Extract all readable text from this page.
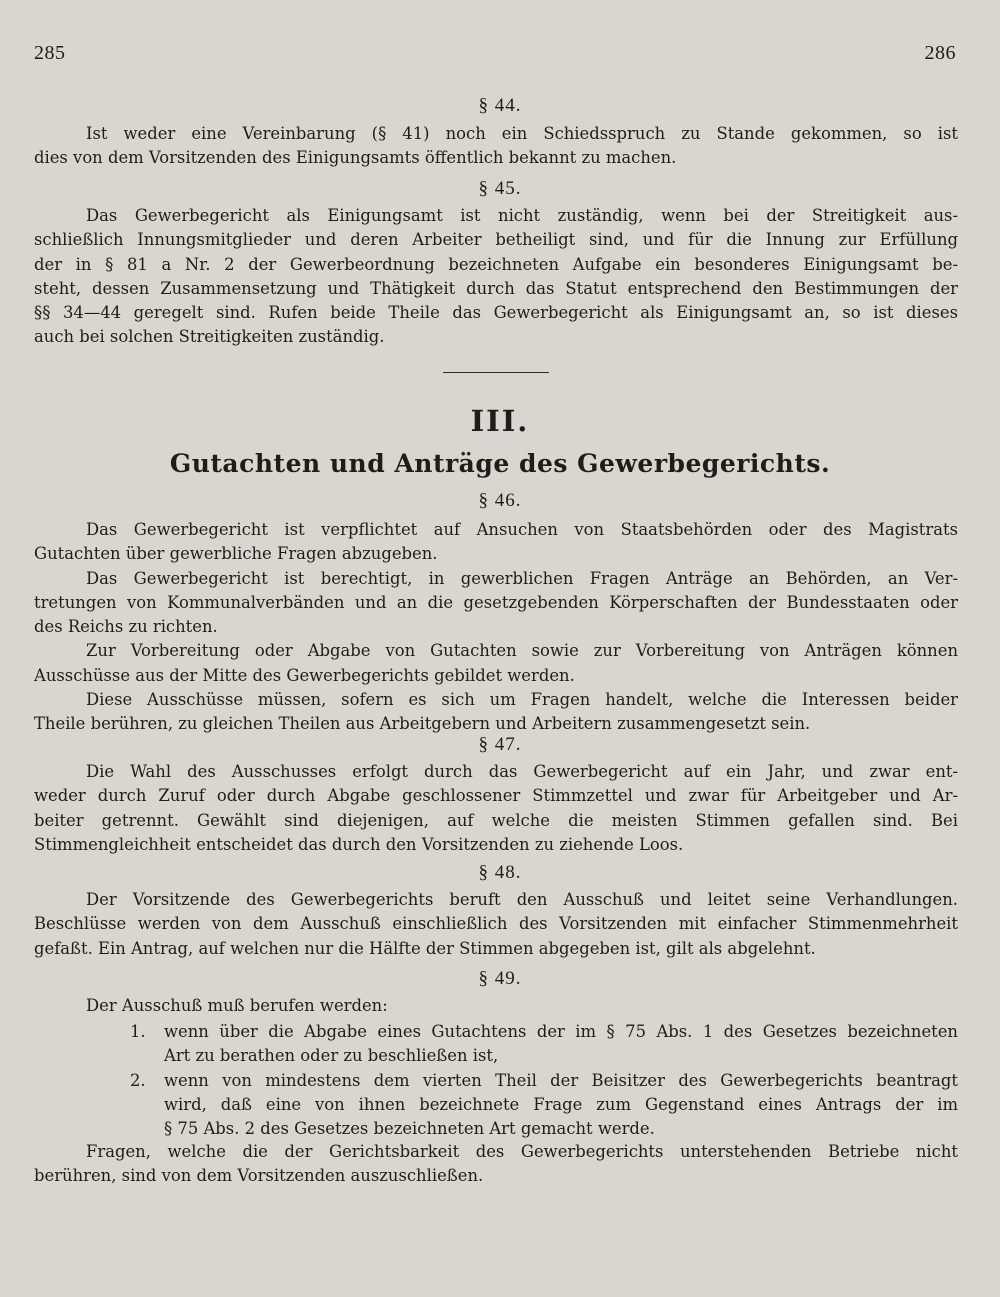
285	286
§ 44.
Ist weder eine Vereinbarung (§ 41) noch ein Schiedsspruch zu Stande gekommen, so ist
dies von dem Vorsitzenden des Einigungsamts öffentlich bekannt zu machen.
§ 45.
Das Gewerbegericht als Einigungsamt ist nicht zuständig, wenn bei der Streitigkeit aus-
schließlich Innungsmitglieder und deren Arbeiter betheiligt sind, und für die Innung zur Erfüllung
der in § 81 a Nr. 2 der Gewerbeordnung bezeichneten Aufgabe ein besonderes Einigungsamt be-
steht, dessen Zusammensetzung und Thätigkeit durch das Statut entsprechend den Bestimmungen der
§§ 34—44 geregelt sind. Rufen beide Theile das Gewerbegericht als Einigungsamt an, so ist dieses
auch bei solchen Streitigkeiten zuständig.
III.
Gutachten und Anträge des Gewerbegerichts.
§ 46.
Das Gewerbegericht ist verpflichtet auf Ansuchen von Staatsbehörden oder des Magistrats
Gutachten über gewerbliche Fragen abzugeben.
Das Gewerbegericht ist berechtigt, in gewerblichen Fragen Anträge an Behörden, an Ver-
tretungen von Kommunalverbänden und an die gesetzgebenden Körperschaften der Bundesstaaten oder
des Reichs zu richten.
Zur Vorbereitung oder Abgabe von Gutachten sowie zur Vorbereitung von Anträgen können
Ausschüsse aus der Mitte des Gewerbegerichts gebildet werden.
Diese Ausschüsse müssen, sofern es sich um Fragen handelt, welche die Interessen beider
Theile berühren, zu gleichen Theilen aus Arbeitgebern und Arbeitern zusammengesetzt sein.
§ 47.
Die Wahl des Ausschusses erfolgt durch das Gewerbegericht auf ein Jahr, und zwar ent-
weder durch Zuruf oder durch Abgabe geschlossener Stimmzettel und zwar für Arbeitgeber und Ar-
beiter getrennt. Gewählt sind diejenigen, auf welche die meisten Stimmen gefallen sind. Bei
Stimmengleichheit entscheidet das durch den Vorsitzenden zu ziehende Loos.
§ 48.
Der Vorsitzende des Gewerbegerichts beruft den Ausschuß und leitet seine Verhandlungen.
Beschlüsse werden von dem Ausschuß einschließlich des Vorsitzenden mit einfacher Stimmenmehrheit
gefaßt. Ein Antrag, auf welchen nur die Hälfte der Stimmen abgegeben ist, gilt als abgelehnt.
§ 49.
Der Ausschuß muß berufen werden:
1. wenn über die Abgabe eines Gutachtens der im § 75 Abs. 1 des Gesetzes bezeichneten
Art zu berathen oder zu beschließen ist,
2. wenn von mindestens dem vierten Theil der Beisitzer des Gewerbegerichts beantragt
wird, daß eine von ihnen bezeichnete Frage zum Gegenstand eines Antrags der im
§ 75 Abs. 2 des Gesetzes bezeichneten Art gemacht werde.
Fragen, welche die der Gerichtsbarkeit des Gewerbegerichts unterstehenden Betriebe nicht
berühren, sind von dem Vorsitzenden auszuschließen.
